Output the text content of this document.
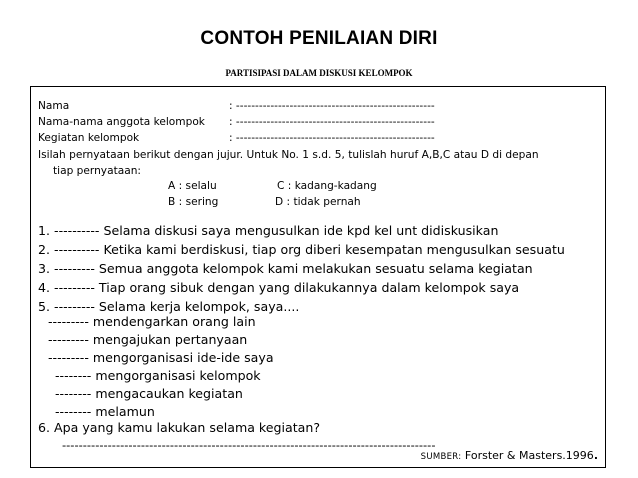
CONTOH PENILAIAN DIRI
PARTISIPASI DALAM DISKUSI KELOMPOK
Nama	: ----------------------------------------------------
Nama-nama anggota kelompok : ----------------------------------------------------
Kegiatan kelompok	: ----------------------------------------------------
Isilah pernyataan berikut dengan jujur. Untuk No. 1 s.d. 5, tulislah huruf A,B,C atau D di depan
tiap pernyataan:
A : selalu	C : kadang-kadang
B : sering	D : tidak pernah
1. ---------- Selama diskusi saya mengusulkan ide kpd kel unt didiskusikan
2. ---------- Ketika kami berdiskusi, tiap org diberi kesempatan mengusulkan sesuatu
3. --------- Semua anggota kelompok kami melakukan sesuatu selama kegiatan
4. --------- Tiap orang sibuk dengan yang dilakukannya dalam kelompok saya
5. --------- Selama kerja kelompok, saya....
--------- mendengarkan orang lain
--------- mengajukan pertanyaan
--------- mengorganisasi ide-ide saya
-------- mengorganisasi kelompok
-------- mengacaukan kegiatan
-------- melamun
6. Apa yang kamu lakukan selama kegiatan?
------------------------------------------------------------------------------------------
SUMBER: Forster & Masters.1996.
